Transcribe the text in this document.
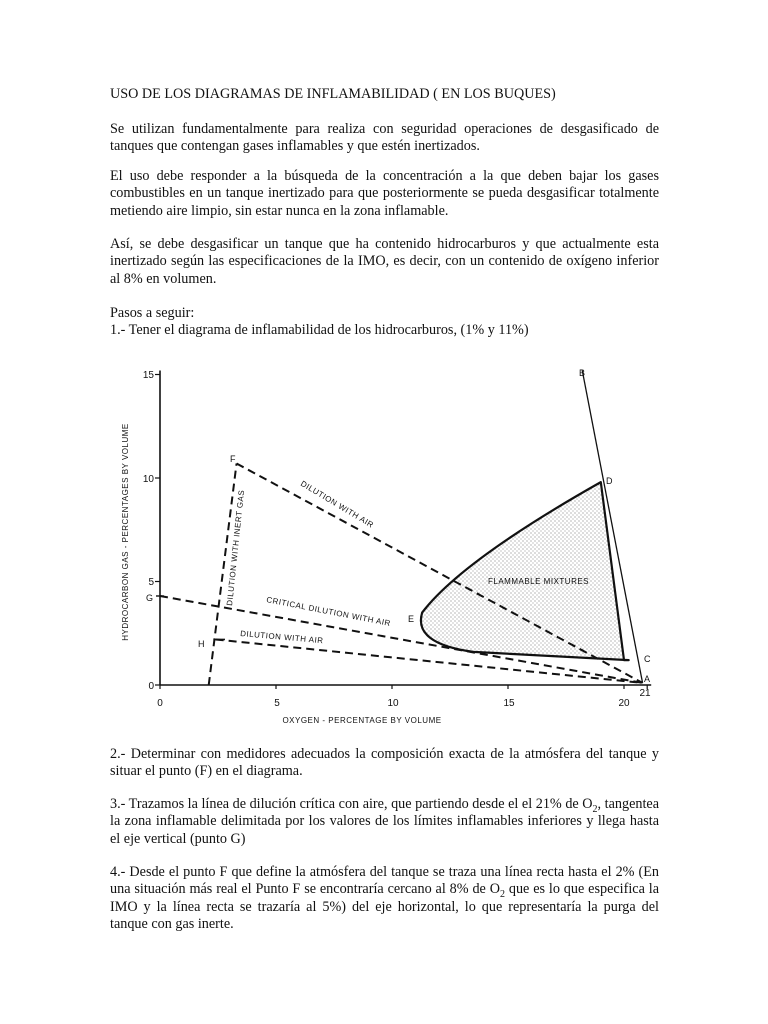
USO DE LOS DIAGRAMAS DE INFLAMABILIDAD ( EN LOS BUQUES)

Se utilizan fundamentalmente para realiza con seguridad operaciones de desgasificado de tanques que contengan gases inflamables y que estén inertizados.

El uso debe responder a la búsqueda de la concentración a la que deben bajar los gases combustibles en un tanque inertizado para que posteriormente se pueda desgasificar totalmente metiendo aire limpio, sin estar nunca en la zona inflamable.

Así, se debe desgasificar un tanque que ha contenido hidrocarburos y que actualmente esta inertizado según las especificaciones de la IMO, es decir, con un contenido de oxígeno inferior al 8% en volumen.

Pasos a seguir:
1.- Tener el diagrama de inflamabilidad de los hidrocarburos, (1% y 11%)

15
10
5
0
0	5	10	15	20
21
OXYGEN - PERCENTAGE BY VOLUME
HYDROCARBON GAS - PERCENTAGES BY VOLUME	DILUTION WITH INERT GAS	DILUTION WITH AIR
CRITICAL DILUTION WITH AIR
DILUTION WITH AIR
FLAMMABLE MIXTURES
A
B
C
D
E
F
G
H

2.- Determinar con medidores adecuados la composición exacta de la atmósfera del tanque y situar el punto (F) en el diagrama.

3.- Trazamos la línea de dilución crítica con aire, que partiendo desde el el 21% de $O_2$, tangentea la zona inflamable delimitada por los valores de los límites inflamables inferiores y llega hasta el eje vertical (punto G)

4.- Desde el punto F que define la atmósfera del tanque se traza una línea recta hasta el 2% (En una situación más real el Punto F se encontraría cercano al 8% de $O_2$ que es lo que especifica la IMO y la línea recta se trazaría al 5%) del eje horizontal, lo que representaría la purga del tanque con gas inerte.
